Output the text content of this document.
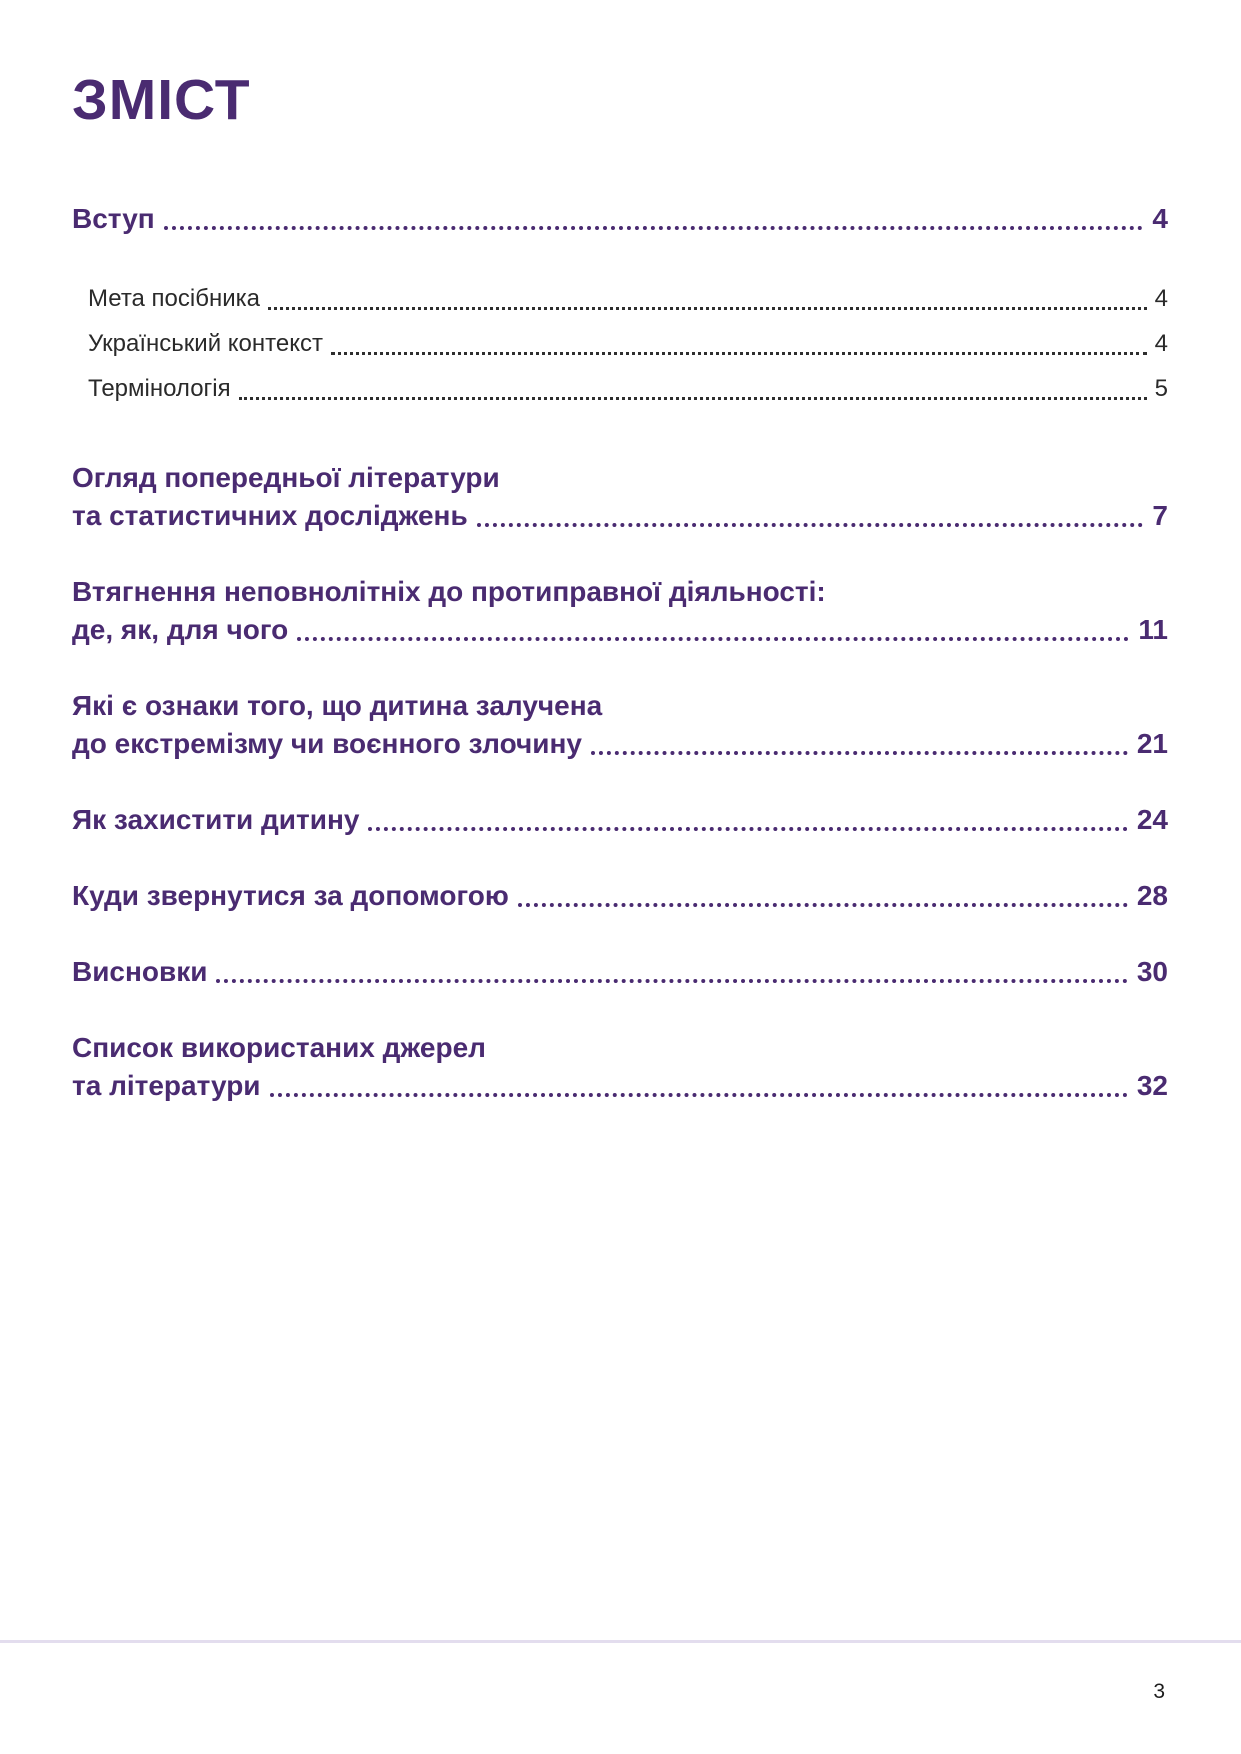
ЗМІСТ
Вступ	4
Мета посібника	4
Український контекст	4
Термінологія	5
Огляд попередньої літератури
та статистичних досліджень	7
Втягнення неповнолітніх до протиправної діяльності:
де, як, для чого	11
Які є ознаки того, що дитина залучена
до екстремізму чи воєнного злочину	21
Як захистити дитину	24
Куди звернутися за допомогою	28
Висновки	30
Список використаних джерел
та літератури	32
3
